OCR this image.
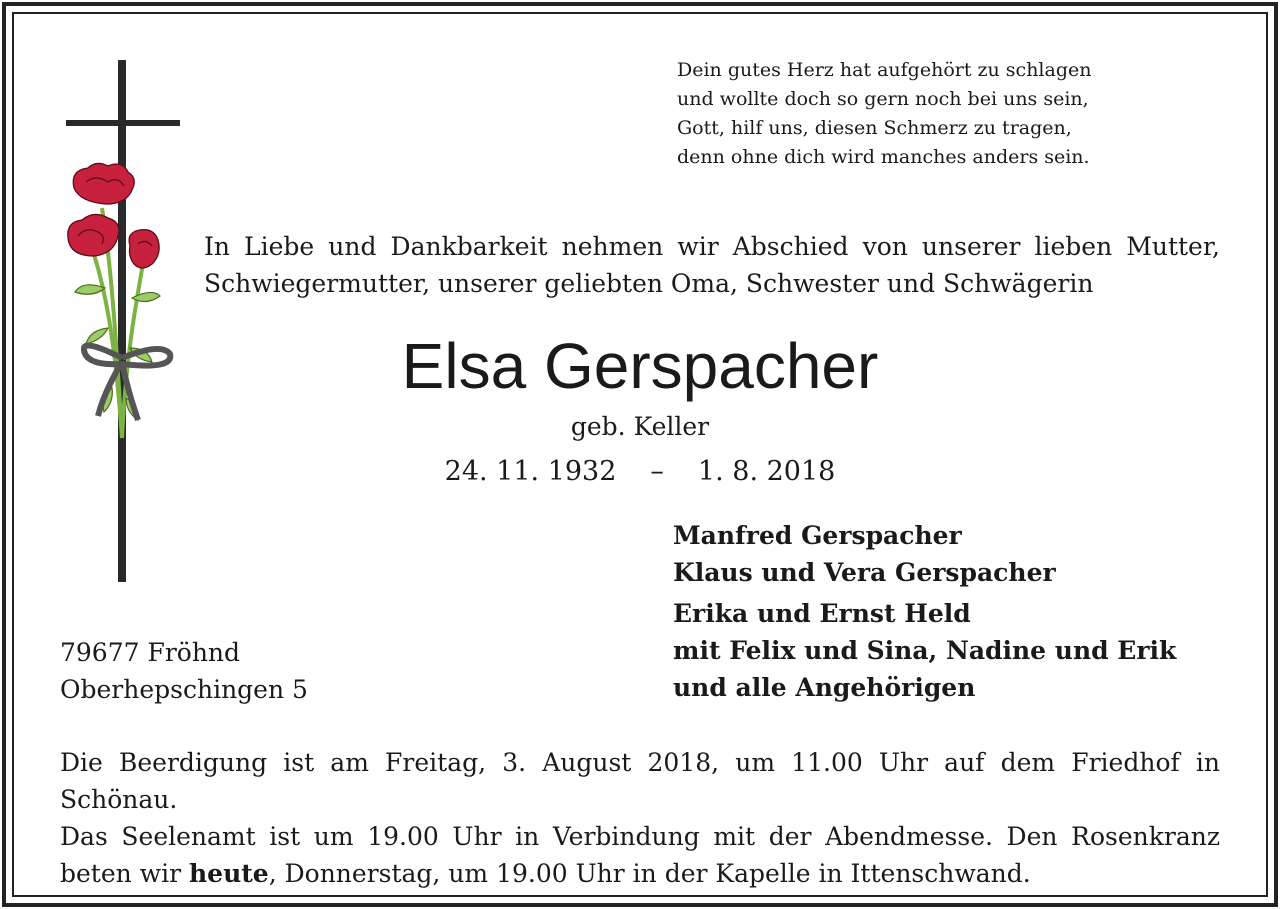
Dein gutes Herz hat aufgehört zu schlagen
und wollte doch so gern noch bei uns sein,
Gott, hilf uns, diesen Schmerz zu tragen,
denn ohne dich wird manches anders sein.
In Liebe und Dankbarkeit nehmen wir Abschied von unserer lieben Mutter,
Schwiegermutter, unserer geliebten Oma, Schwester und Schwägerin
Elsa Gerspacher
geb. Keller
24. 11. 1932 – 1. 8. 2018
Manfred Gerspacher
Klaus und Vera Gerspacher
Erika und Ernst Held
mit Felix und Sina, Nadine und Erik
und alle Angehörigen
79677 Fröhnd
Oberhepschingen 5
Die Beerdigung ist am Freitag, 3. August 2018, um 11.00 Uhr auf dem Friedhof in Schönau.
Das Seelenamt ist um 19.00 Uhr in Verbindung mit der Abendmesse. Den Rosenkranz
beten wir heute, Donnerstag, um 19.00 Uhr in der Kapelle in Ittenschwand.
